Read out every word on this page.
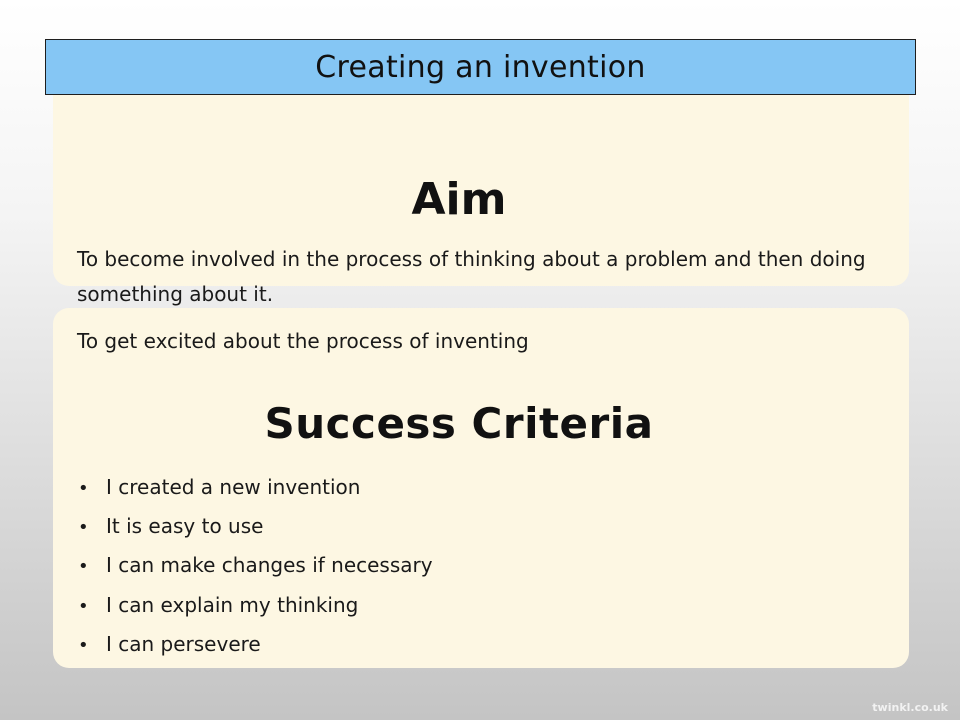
Creating an invention
Aim
To become involved in the process of thinking about a problem and then doing
something about it.
To get excited about the process of inventing
Success Criteria
• I created a new invention
• It is easy to use
• I can make changes if necessary
• I can explain my thinking
• I can persevere
twinkl.co.uk
